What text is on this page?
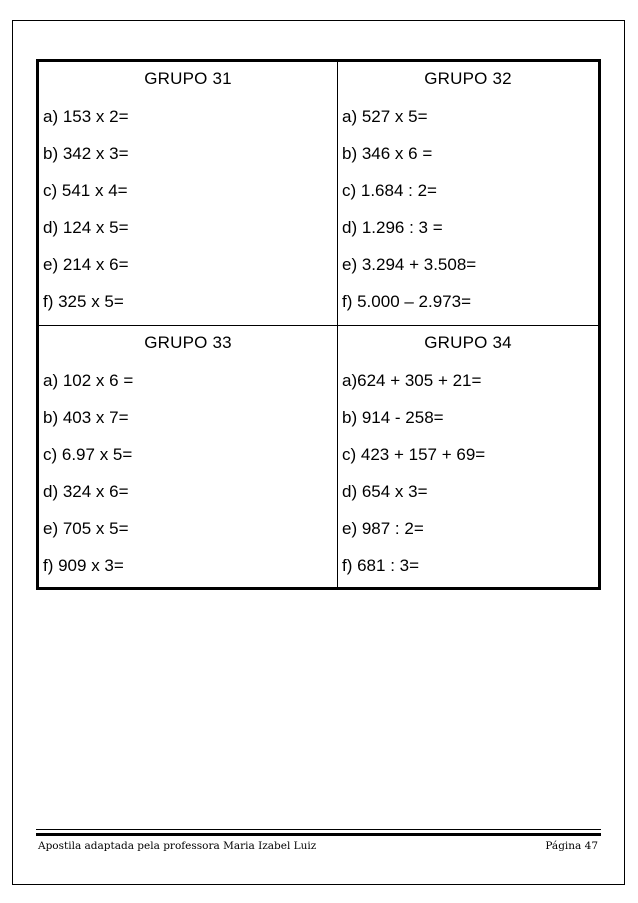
GRUPO 31
a) 153 x 2=
b) 342 x 3=
c) 541 x 4=
d) 124 x 5=
e) 214 x 6=
f) 325 x 5=
GRUPO 32
a) 527 x 5=
b) 346 x 6 =
c) 1.684 : 2=
d) 1.296 : 3 =
e) 3.294 + 3.508=
f) 5.000 – 2.973=
GRUPO 33
a) 102 x 6 =
b) 403 x 7=
c) 6.97 x 5=
d) 324 x 6=
e) 705 x 5=
f) 909 x 3=
GRUPO 34
a)624 + 305 + 21=
b) 914 - 258=
c) 423 + 157 + 69=
d) 654 x 3=
e) 987 : 2=
f) 681 : 3=
Apostila adaptada pela professora Maria Izabel Luiz	Página 47
